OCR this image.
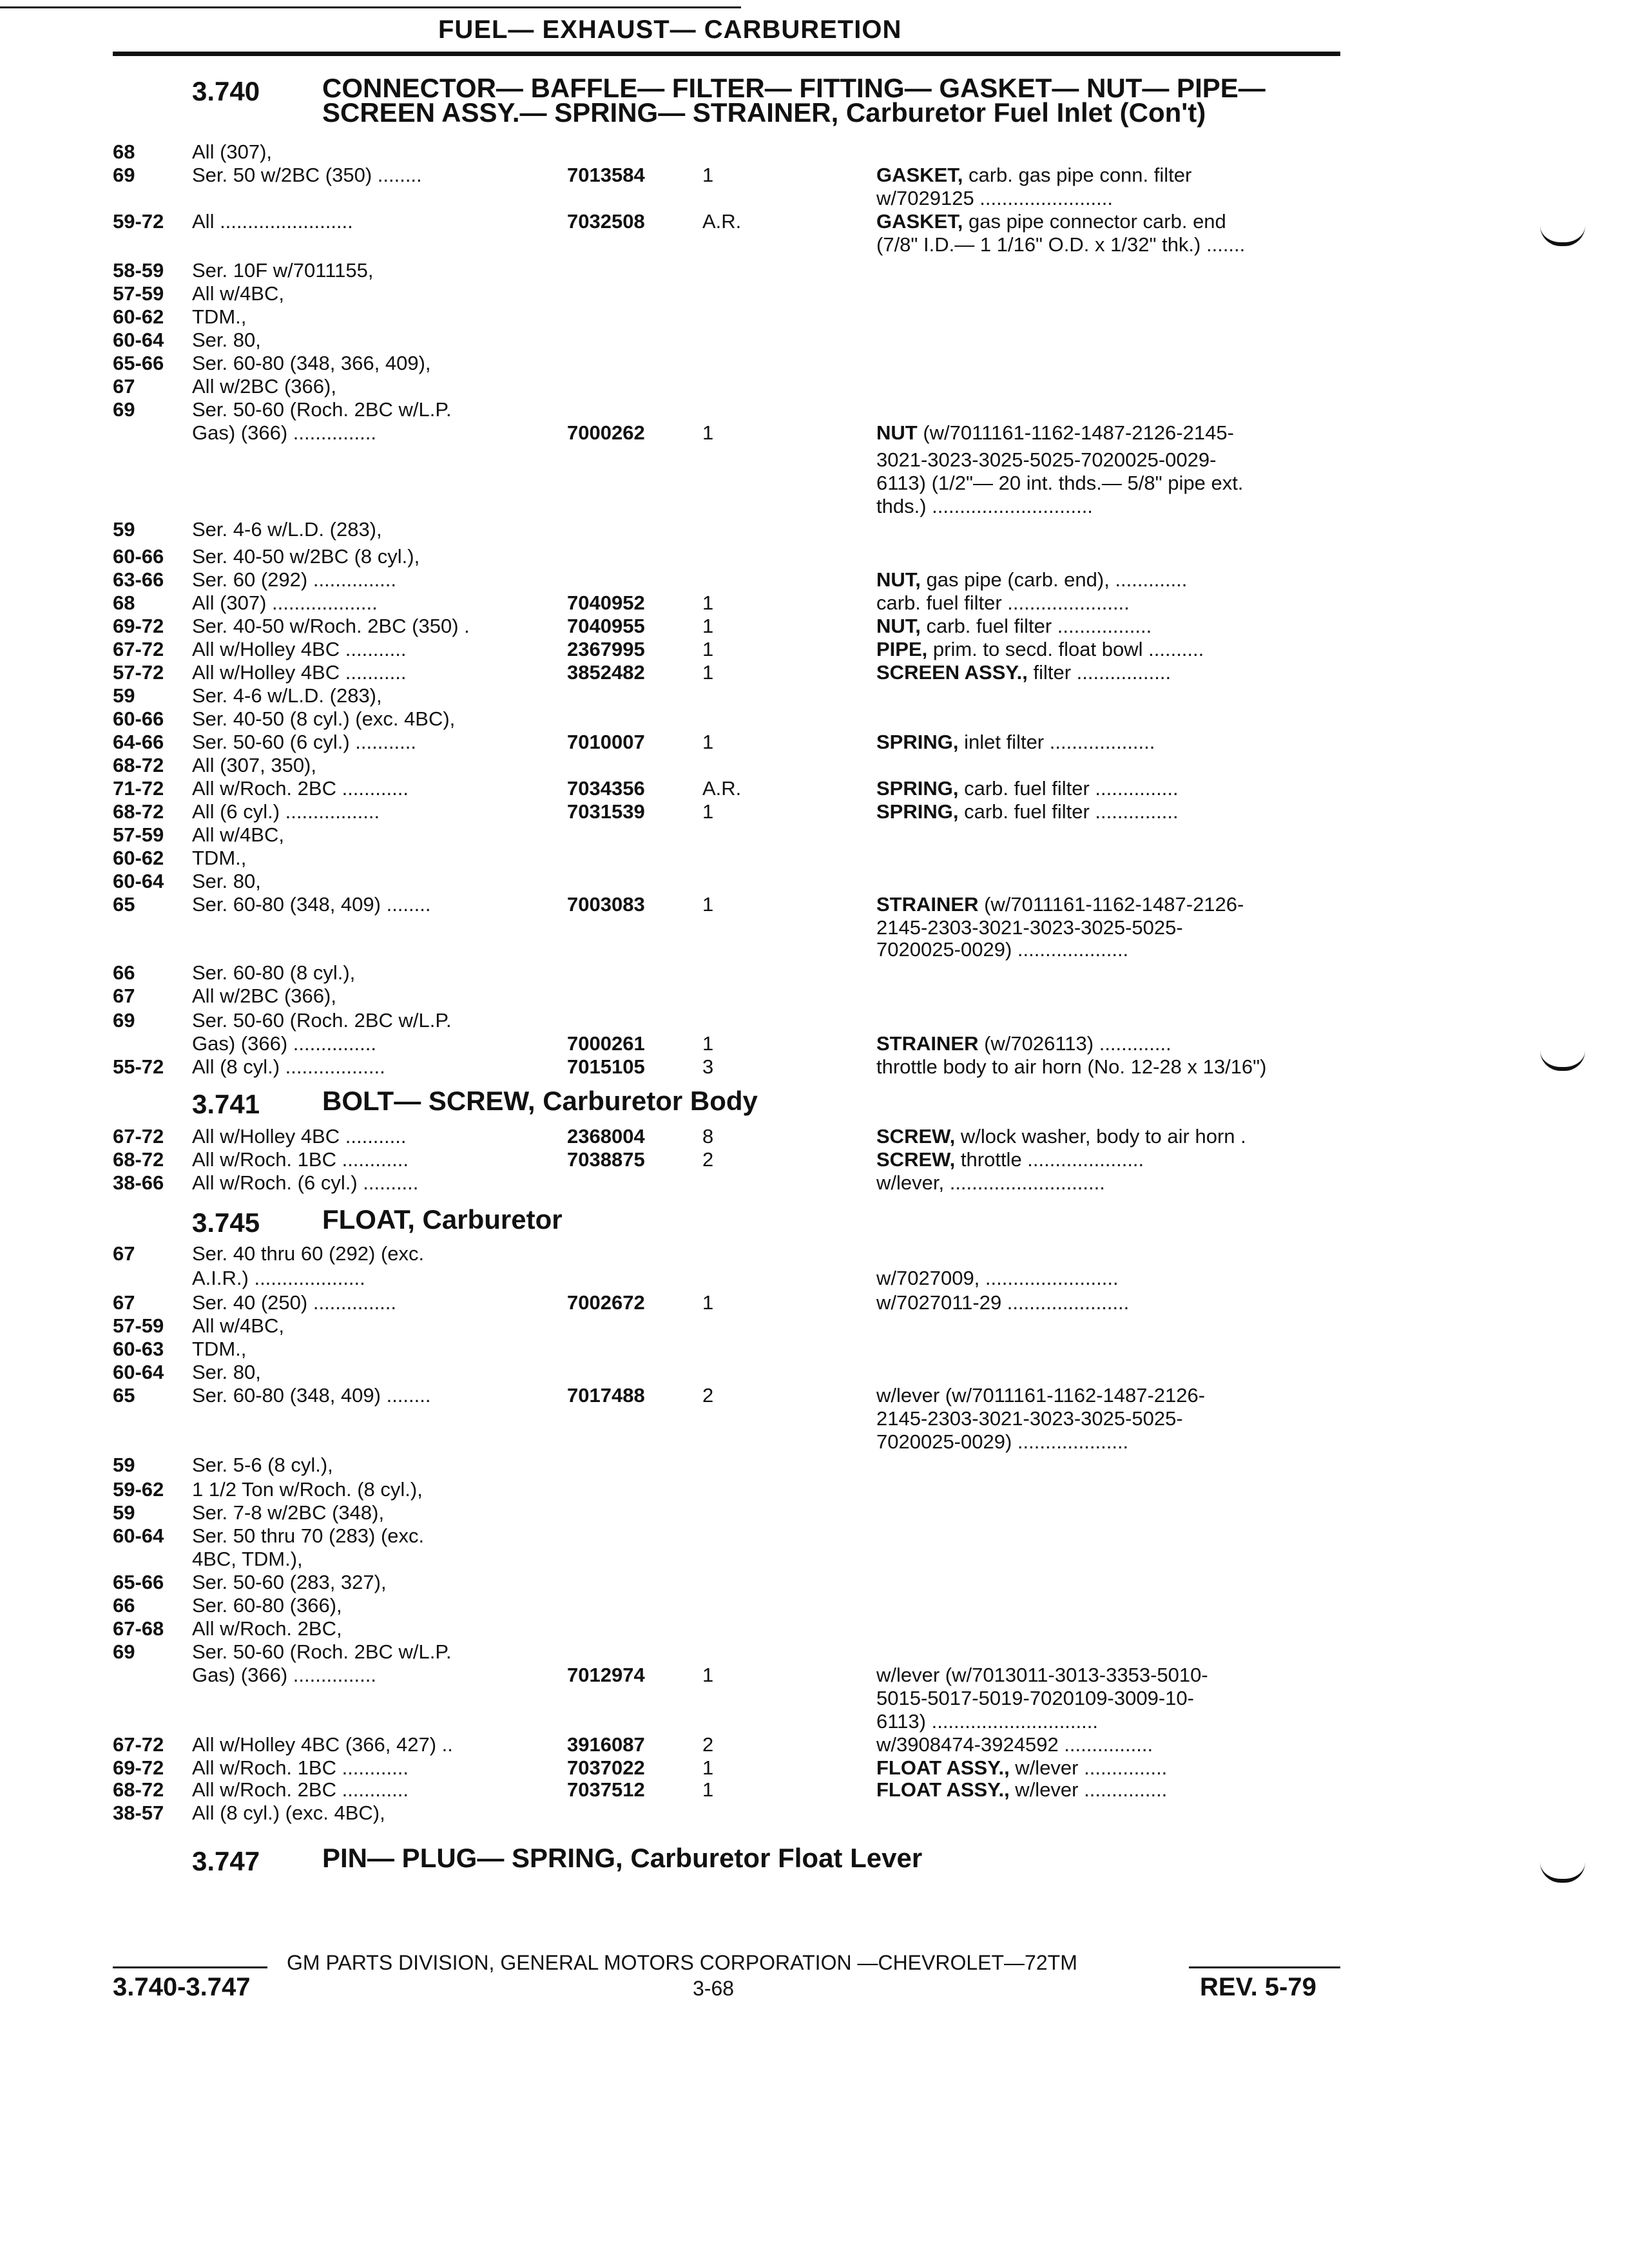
FUEL— EXHAUST— CARBURETION
3.740 CONNECTOR— BAFFLE— FILTER— FITTING— GASKET— NUT— PIPE—
SCREEN ASSY.— SPRING— STRAINER, Carburetor Fuel Inlet (Con't)
3.741 BOLT— SCREW, Carburetor Body
3.745 FLOAT, Carburetor
3.747 PIN— PLUG— SPRING, Carburetor Float Lever
68	All (307),
69	Ser. 50 w/2BC (350) ........	7013584	1	GASKET, carb. gas pipe conn. filter
w/7029125 ........................
59-72 All ........................	7032508	A.R.	GASKET, gas pipe connector carb. end
(7/8" I.D.— 1 1/16" O.D. x 1/32" thk.) .......
58-59 Ser. 10F w/7011155,
57-59 All w/4BC,
60-62 TDM.,
60-64 Ser. 80,
65-66 Ser. 60-80 (348, 366, 409),
67	All w/2BC (366),
69	Ser. 50-60 (Roch. 2BC w/L.P.
Gas) (366) ...............	7000262	1	NUT (w/7011161-1162-1487-2126-2145-
3021-3023-3025-5025-7020025-0029-
6113) (1/2"— 20 int. thds.— 5/8" pipe ext.
thds.) .............................
59	Ser. 4-6 w/L.D. (283),
60-66 Ser. 40-50 w/2BC (8 cyl.),
63-66 Ser. 60 (292) ...............	NUT, gas pipe (carb. end), .............
68	All (307) ...................	7040952	1	carb. fuel filter ......................
69-72 Ser. 40-50 w/Roch. 2BC (350) .	7040955	1	NUT, carb. fuel filter .................
67-72 All w/Holley 4BC ...........	2367995	1	PIPE, prim. to secd. float bowl ..........
57-72 All w/Holley 4BC ...........	3852482	1	SCREEN ASSY., filter .................
59	Ser. 4-6 w/L.D. (283),
60-66 Ser. 40-50 (8 cyl.) (exc. 4BC),
64-66 Ser. 50-60 (6 cyl.) ...........	7010007	1	SPRING, inlet filter ...................
68-72 All (307, 350),
71-72 All w/Roch. 2BC ............	7034356	A.R.	SPRING, carb. fuel filter ...............
68-72 All (6 cyl.) .................	7031539	1	SPRING, carb. fuel filter ...............
57-59 All w/4BC,
60-62 TDM.,
60-64 Ser. 80,
65	Ser. 60-80 (348, 409) ........	7003083	1	STRAINER (w/7011161-1162-1487-2126-
2145-2303-3021-3023-3025-5025-
7020025-0029) ....................
66	Ser. 60-80 (8 cyl.),
67	All w/2BC (366),
69	Ser. 50-60 (Roch. 2BC w/L.P.
Gas) (366) ...............	7000261	1	STRAINER (w/7026113) .............
55-72 All (8 cyl.) ..................	7015105	3	throttle body to air horn (No. 12-28 x 13/16")
67-72 All w/Holley 4BC ...........	2368004	8	SCREW, w/lock washer, body to air horn .
68-72 All w/Roch. 1BC ............	7038875	2	SCREW, throttle .....................
38-66 All w/Roch. (6 cyl.) ..........	w/lever, ............................
67	Ser. 40 thru 60 (292) (exc.
A.I.R.) ....................	w/7027009, ........................
67	Ser. 40 (250) ...............	7002672	1	w/7027011-29 ......................
57-59 All w/4BC,
60-63 TDM.,
60-64 Ser. 80,
65	Ser. 60-80 (348, 409) ........	7017488	2	w/lever (w/7011161-1162-1487-2126-
2145-2303-3021-3023-3025-5025-
7020025-0029) ....................
59	Ser. 5-6 (8 cyl.),
59-62 1 1/2 Ton w/Roch. (8 cyl.),
59	Ser. 7-8 w/2BC (348),
60-64 Ser. 50 thru 70 (283) (exc.
4BC, TDM.),
65-66 Ser. 50-60 (283, 327),
66	Ser. 60-80 (366),
67-68 All w/Roch. 2BC,
69	Ser. 50-60 (Roch. 2BC w/L.P.
Gas) (366) ...............	7012974	1	w/lever (w/7013011-3013-3353-5010-
5015-5017-5019-7020109-3009-10-
6113) ..............................
67-72 All w/Holley 4BC (366, 427) ..	3916087	2	w/3908474-3924592 ................
69-72 All w/Roch. 1BC ............	7037022	1	FLOAT ASSY., w/lever ...............
68-72 All w/Roch. 2BC ............	7037512	1	FLOAT ASSY., w/lever ...............
38-57 All (8 cyl.) (exc. 4BC),
GM PARTS DIVISION, GENERAL MOTORS CORPORATION —CHEVROLET—72TM
3.740-3.747	3-68	REV. 5-79
